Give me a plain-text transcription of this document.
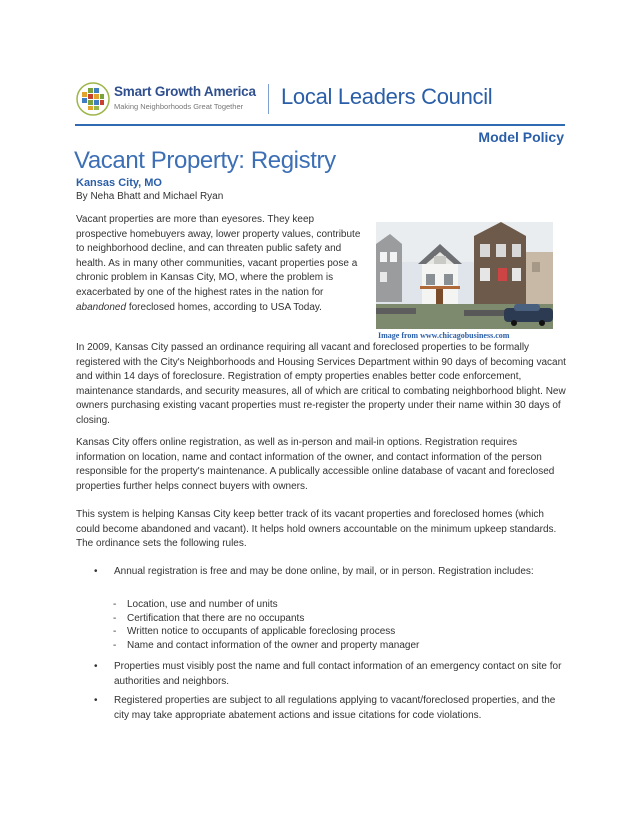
Smart Growth America
Making Neighborhoods Great Together Local Leaders Council
Model Policy
Vacant Property: Registry
Kansas City, MO
By Neha Bhatt and Michael Ryan
Vacant properties are more than eyesores. They keep prospective homebuyers away, lower property values, contribute to neighborhood decline, and can threaten public safety and health. As in many other communities, vacant properties pose a chronic problem in Kansas City, MO, where the problem is exacerbated by one of the highest rates in the nation for abandoned foreclosed homes, according to USA Today.
Image from www.chicagobusiness.com

In 2009, Kansas City passed an ordinance requiring all vacant and foreclosed properties to be formally registered with the City's Neighborhoods and Housing Services Department within 90 days of becoming vacant and within 14 days of foreclosure. Registration of empty properties enables better code enforcement, maintenance standards, and security measures, all of which are critical to combating neighborhood blight. New owners purchasing existing vacant properties must re-register the property under their name within 30 days of closing.

Kansas City offers online registration, as well as in-person and mail-in options. Registration requires information on location, name and contact information of the owner, and contact information of the person responsible for the property's maintenance. A publically accessible online database of vacant and foreclosed properties further helps connect buyers with owners.

This system is helping Kansas City keep better track of its vacant properties and foreclosed homes (which could become abandoned and vacant). It helps hold owners accountable on the minimum upkeep standards. The ordinance sets the following rules.

• Annual registration is free and may be done online, by mail, or in person. Registration includes:
- Location, use and number of units
- Certification that there are no occupants
- Written notice to occupants of applicable foreclosing process
- Name and contact information of the owner and property manager
• Properties must visibly post the name and full contact information of an emergency contact on site for authorities and neighbors.
• Registered properties are subject to all regulations applying to vacant/foreclosed properties, and the city may take appropriate abatement actions and issue citations for code violations.
